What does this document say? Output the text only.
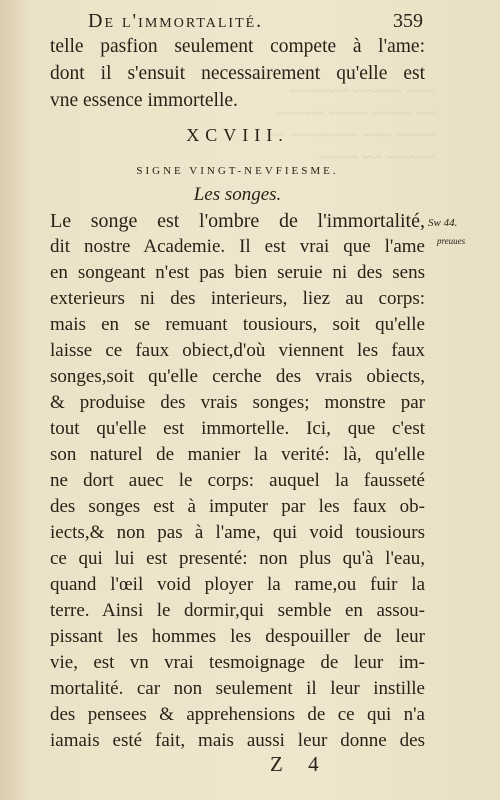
~~~ ~~~~~ ~~~~~~
~~ ~~~~ ~~~~ ~~~~~
~~~~ ~~~ ~~~~~~~ ~~
~~~~~ ~~ ~~~~
De l'immortalité.	359
telle pasfion seulement compete à l'ame:
dont il s'ensuit necessairement qu'elle est
vne essence immortelle.
XCVIII.
SIGNE VINGT-NEVFIESME.
Les songes.
Le songe est l'ombre de l'immortalité,
dit nostre Academie. Il est vrai que l'ame
en songeant n'est pas bien seruie ni des sens
exterieurs ni des interieurs, liez au corps:
mais en se remuant tousiours, soit qu'elle
laisse ce faux obiect,d'où viennent les faux
songes,soit qu'elle cerche des vrais obiects,
& produise des vrais songes; monstre par
tout qu'elle est immortelle. Ici, que c'est
son naturel de manier la verité: là, qu'elle
ne dort auec le corps: auquel la fausseté
des songes est à imputer par les faux ob-
iects,& non pas à l'ame, qui void tousiours
ce qui lui est presenté: non plus qu'à l'eau,
quand l'œil void ployer la rame,ou fuir la
terre. Ainsi le dormir,qui semble en assou-
pissant les hommes les despouiller de leur
vie, est vn vrai tesmoignage de leur im-
mortalité. car non seulement il leur instille
des pensees & apprehensions de ce qui n'a
iamais esté fait, mais aussi leur donne des
Sw 44.
preuues
Z 4
